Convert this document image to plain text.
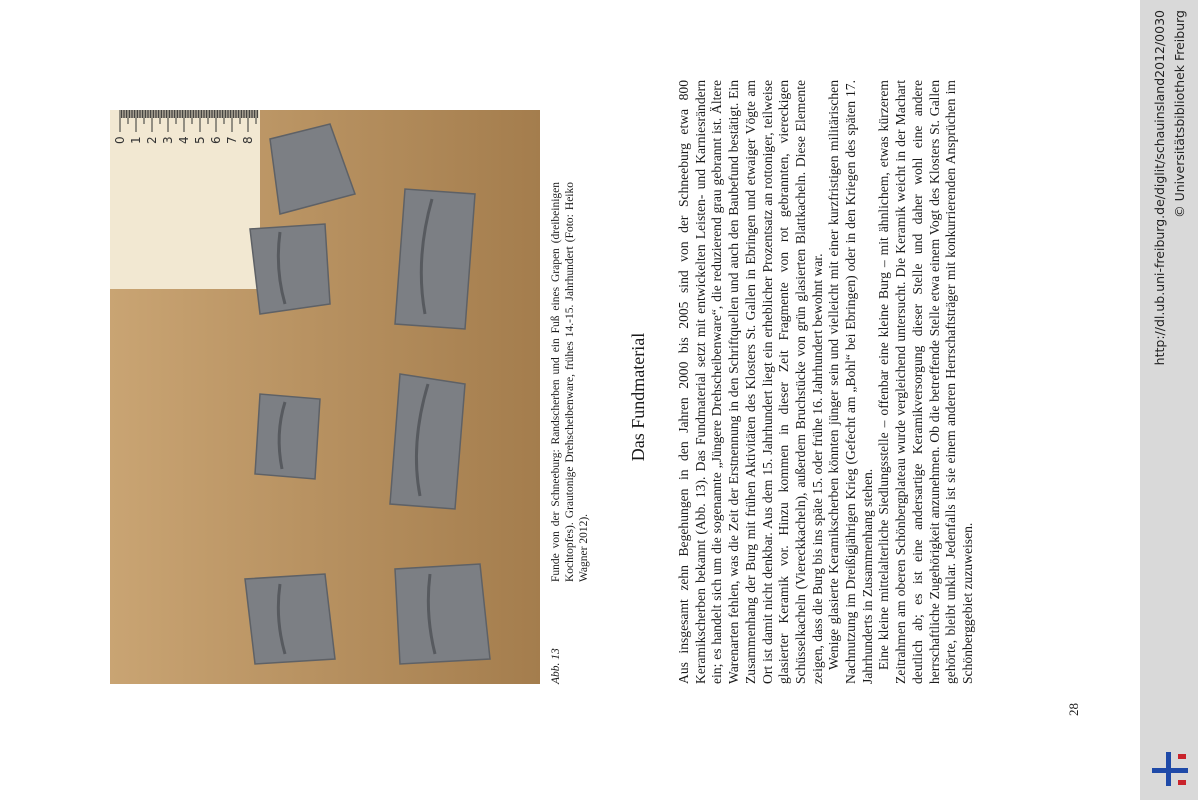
0 1 2 3 4 5 6 7 8
Abb. 13
Funde von der Schneeburg: Randscherben und ein Fuß eines Grapen (dreibeinigen Kochtopfes). Grautonige Drehscheibenware, frühes 14.-15. Jahrhundert (Foto: Heiko Wagner 2012).
Das Fundmaterial Aus insgesamt zehn Begehungen in den Jahren 2000 bis 2005 sind von der Schneeburg etwa 800 Keramikscherben bekannt (Abb. 13). Das Fundmaterial setzt mit entwickelten Leisten- und Karniesrändern ein; es handelt sich um die sogenannte „Jüngere Drehscheibenware“, die reduzierend grau gebrannt ist. Ältere Warenarten fehlen, was die Zeit der Erstnennung in den Schriftquellen und auch den Baubefund bestätigt. Ein Zusammenhang der Burg mit frühen Aktivitäten des Klosters St. Gallen in Ebringen und etwaiger Vögte am Ort ist damit nicht denkbar. Aus dem 15. Jahrhundert liegt ein erheblicher Prozentsatz an rottoniger, teilweise glasierter Keramik vor. Hinzu kommen in dieser Zeit Fragmente von rot gebrannten, viereckigen Schüsselkacheln (Viereckkacheln), außerdem Bruchstücke von grün glasierten Blattkacheln. Diese Elemente zeigen, dass die Burg bis ins späte 15. oder frühe 16. Jahrhundert bewohnt war. Wenige glasierte Keramikscherben könnten jünger sein und vielleicht mit einer kurzfristigen militärischen Nachnutzung im Dreißigjährigen Krieg (Gefecht am „Bohl“ bei Ebringen) oder in den Kriegen des späten 17. Jahrhunderts in Zusammenhang stehen. Eine kleine mittelalterliche Siedlungsstelle – offenbar eine kleine Burg – mit ähnlichem, etwas kürzerem Zeitrahmen am oberen Schönbergplateau wurde vergleichend untersucht. Die Keramik weicht in der Machart deutlich ab; es ist eine andersartige Keramikversorgung dieser Stelle und daher wohl eine andere herrschaftliche Zugehörigkeit anzunehmen. Ob die betreffende Stelle etwa einem Vogt des Klosters St. Gallen gehörte, bleibt unklar. Jedenfalls ist sie einem anderen Herrschaftsträger mit konkurrierenden Ansprüchen im Schönberggebiet zuzuweisen.

28
http://dl.ub.uni-freiburg.de/diglit/schauinsland2012/0030 © Universitätsbibliothek Freiburg
